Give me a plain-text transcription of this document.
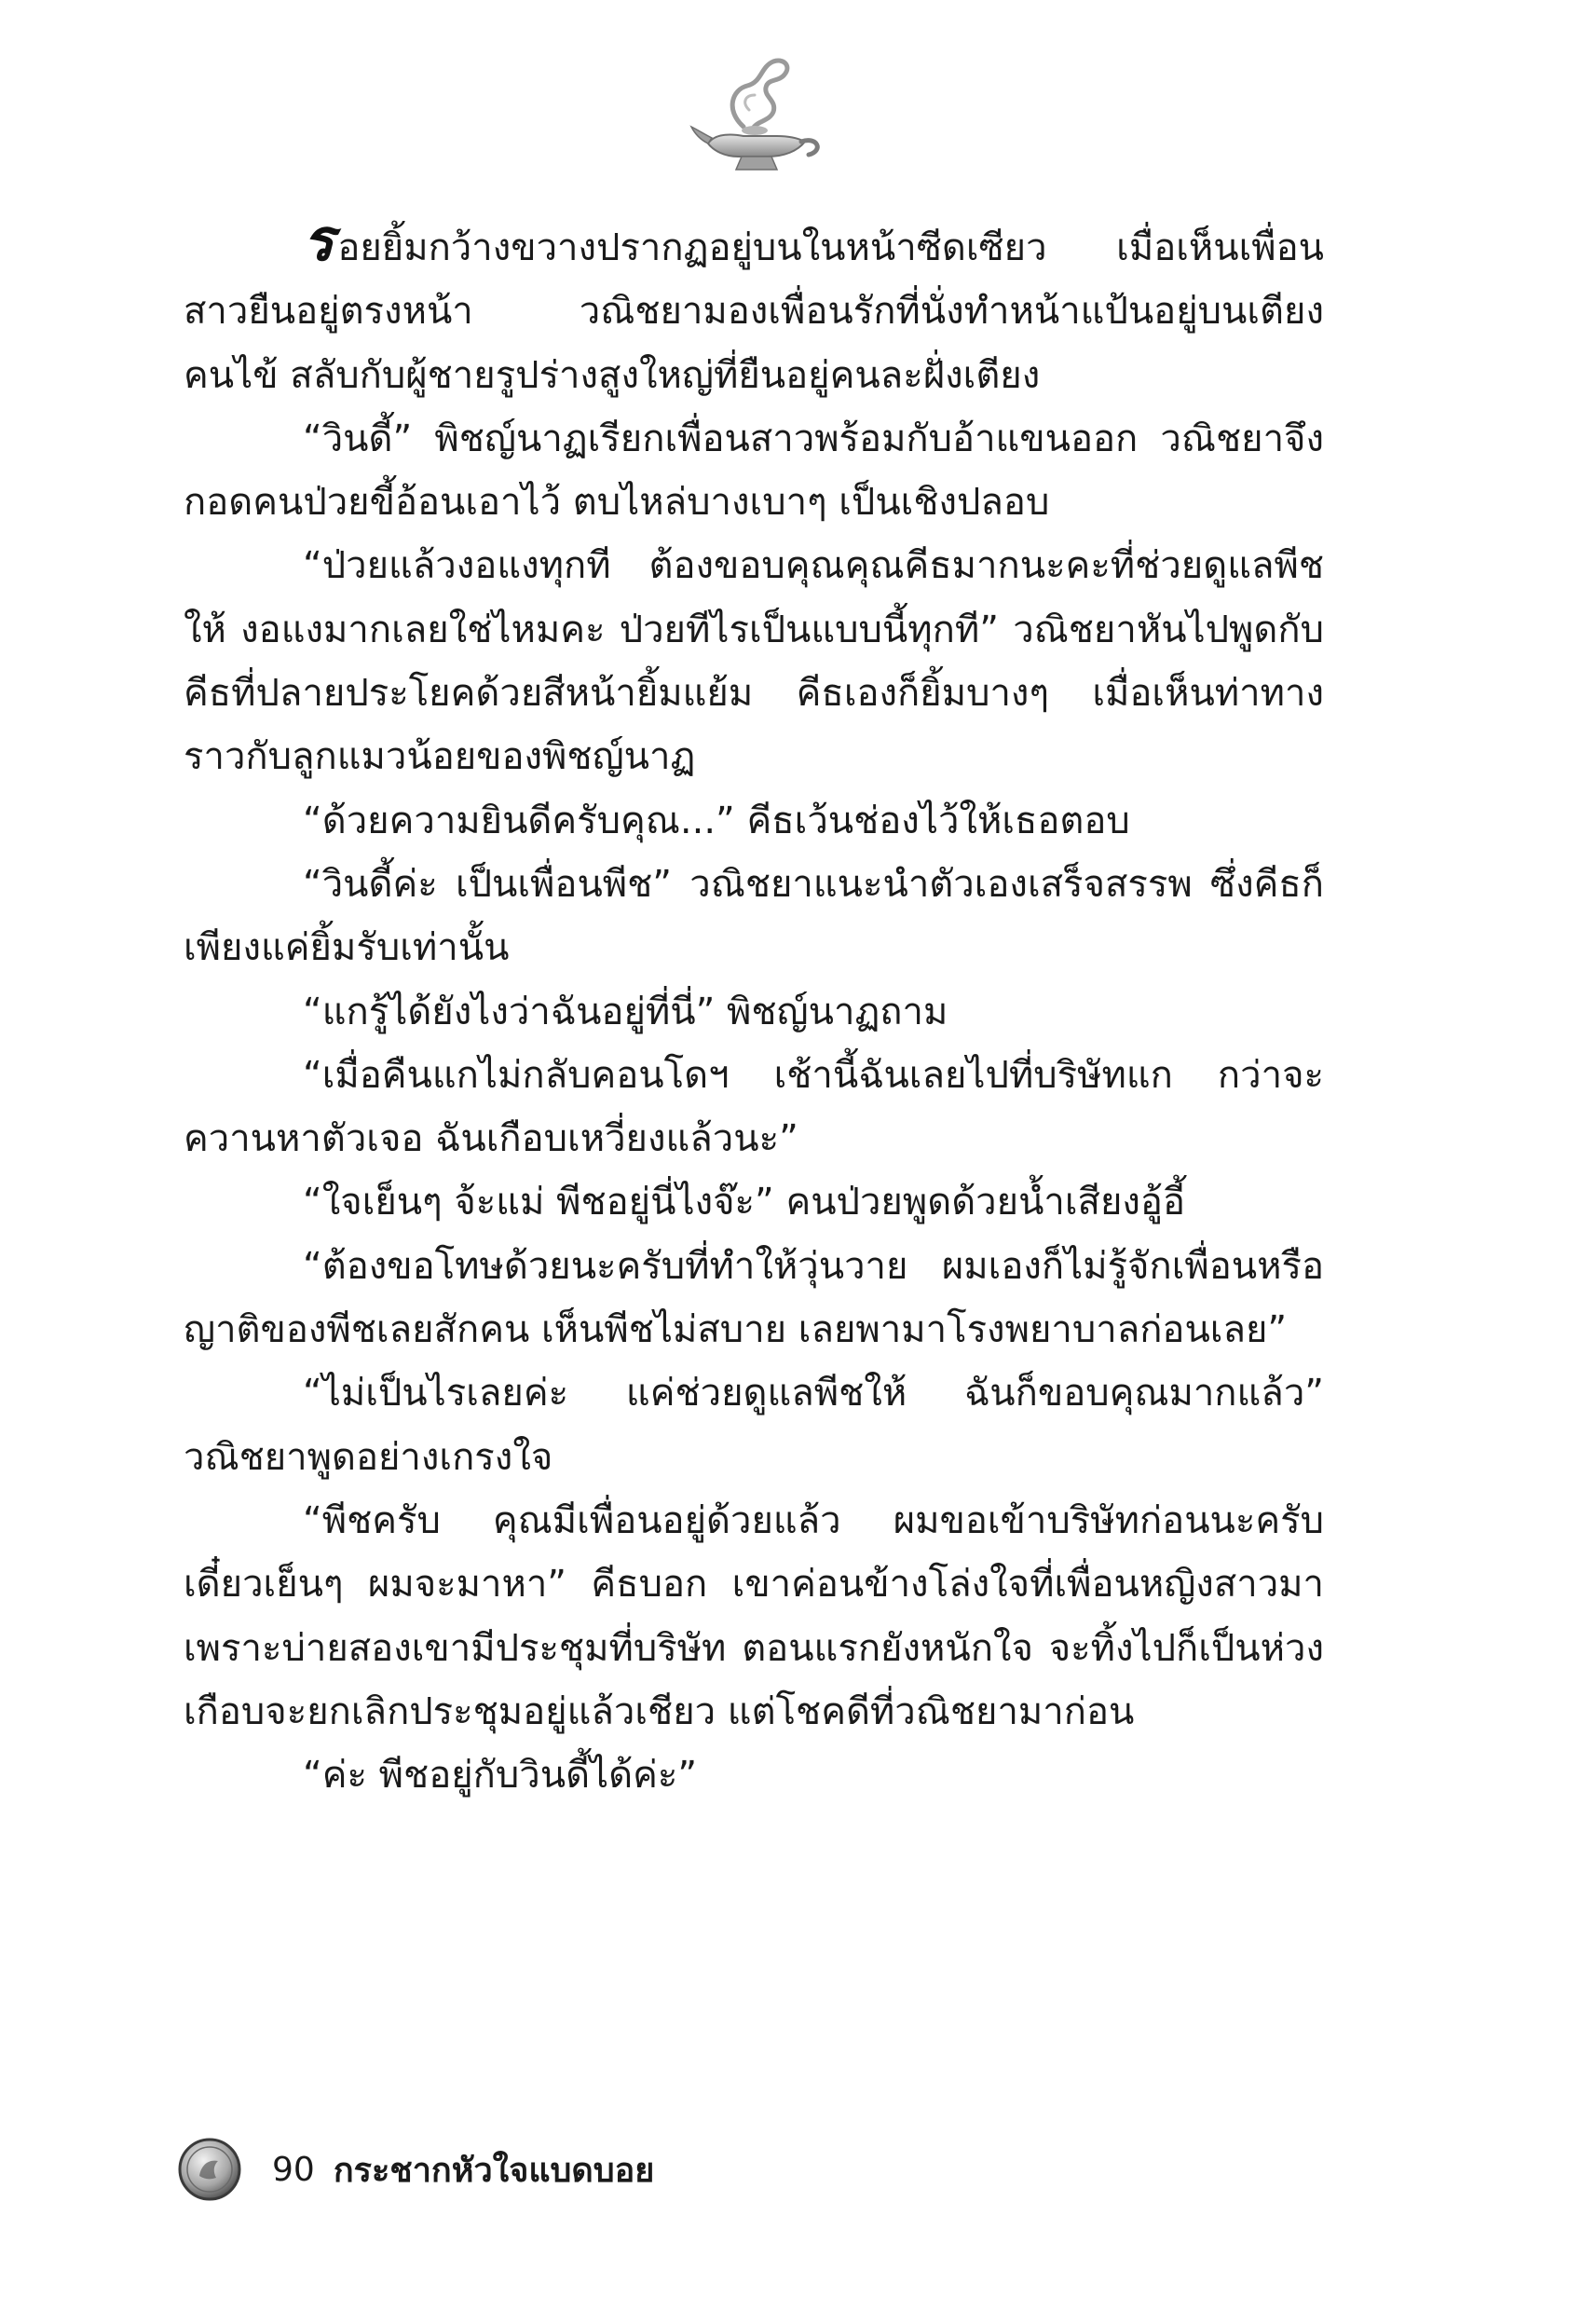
รอยยิ้มกว้างขวางปรากฏอยู่บนในหน้าซีดเซียว เมื่อเห็นเพื่อนสาวยืนอยู่ตรงหน้า วณิชยามองเพื่อนรักที่นั่งทำหน้าแป้นอยู่บนเตียงคนไข้ สลับกับผู้ชายรูปร่างสูงใหญ่ที่ยืนอยู่คนละฝั่งเตียง

“วินดี้” พิชญ์นาฏเรียกเพื่อนสาวพร้อมกับอ้าแขนออก วณิชยาจึงกอดคนป่วยขี้อ้อนเอาไว้ ตบไหล่บางเบาๆ เป็นเชิงปลอบ

“ป่วยแล้วงอแงทุกที ต้องขอบคุณคุณคีธมากนะคะที่ช่วยดูแลพีชให้ งอแงมากเลยใช่ไหมคะ ป่วยทีไรเป็นแบบนี้ทุกที” วณิชยาหันไปพูดกับคีธที่ปลายประโยคด้วยสีหน้ายิ้มแย้ม คีธเองก็ยิ้มบางๆ เมื่อเห็นท่าทางราวกับลูกแมวน้อยของพิชญ์นาฏ

“ด้วยความยินดีครับคุณ...” คีธเว้นช่องไว้ให้เธอตอบ

“วินดี้ค่ะ เป็นเพื่อนพีช” วณิชยาแนะนำตัวเองเสร็จสรรพ ซึ่งคีธก็เพียงแค่ยิ้มรับเท่านั้น

“แกรู้ได้ยังไงว่าฉันอยู่ที่นี่” พิชญ์นาฏถาม

“เมื่อคืนแกไม่กลับคอนโดฯ เช้านี้ฉันเลยไปที่บริษัทแก กว่าจะควานหาตัวเจอ ฉันเกือบเหวี่ยงแล้วนะ”

“ใจเย็นๆ จ้ะแม่ พีชอยู่นี่ไงจ๊ะ” คนป่วยพูดด้วยน้ำเสียงอู้อี้

“ต้องขอโทษด้วยนะครับที่ทำให้วุ่นวาย ผมเองก็ไม่รู้จักเพื่อนหรือญาติของพีชเลยสักคน เห็นพีชไม่สบาย เลยพามาโรงพยาบาลก่อนเลย”

“ไม่เป็นไรเลยค่ะ แค่ช่วยดูแลพีชให้ ฉันก็ขอบคุณมากแล้ว” วณิชยาพูดอย่างเกรงใจ

“พีชครับ คุณมีเพื่อนอยู่ด้วยแล้ว ผมขอเข้าบริษัทก่อนนะครับ เดี๋ยวเย็นๆ ผมจะมาหา” คีธบอก เขาค่อนข้างโล่งใจที่เพื่อนหญิงสาวมาเพราะบ่ายสองเขามีประชุมที่บริษัท ตอนแรกยังหนักใจ จะทิ้งไปก็เป็นห่วง เกือบจะยกเลิกประชุมอยู่แล้วเชียว แต่โชคดีที่วณิชยามาก่อน

“ค่ะ พีชอยู่กับวินดี้ได้ค่ะ”

90 กระชากหัวใจแบดบอย
